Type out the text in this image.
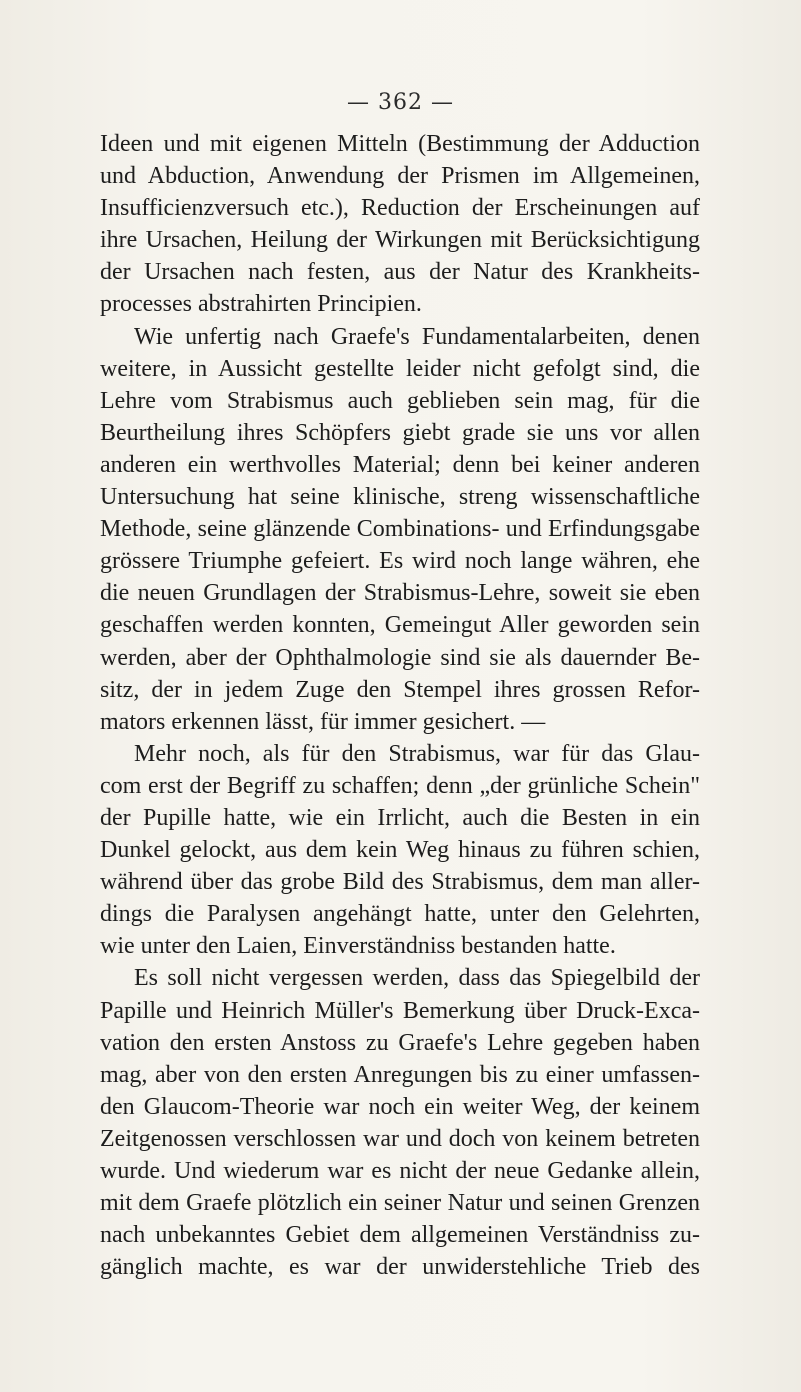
— 362 —
Ideen und mit eigenen Mitteln (Bestimmung der Adduction
und Abduction, Anwendung der Prismen im Allgemeinen,
Insufficienzversuch etc.), Reduction der Erscheinungen auf
ihre Ursachen, Heilung der Wirkungen mit Berücksichtigung
der Ursachen nach festen, aus der Natur des Krankheits-
processes abstrahirten Principien.
Wie unfertig nach Graefe's Fundamentalarbeiten, denen
weitere, in Aussicht gestellte leider nicht gefolgt sind, die
Lehre vom Strabismus auch geblieben sein mag, für die
Beurtheilung ihres Schöpfers giebt grade sie uns vor allen
anderen ein werthvolles Material; denn bei keiner anderen
Untersuchung hat seine klinische, streng wissenschaftliche
Methode, seine glänzende Combinations- und Erfindungsgabe
grössere Triumphe gefeiert. Es wird noch lange währen, ehe
die neuen Grundlagen der Strabismus-Lehre, soweit sie eben
geschaffen werden konnten, Gemeingut Aller geworden sein
werden, aber der Ophthalmologie sind sie als dauernder Be-
sitz, der in jedem Zuge den Stempel ihres grossen Refor-
mators erkennen lässt, für immer gesichert. —
Mehr noch, als für den Strabismus, war für das Glau-
com erst der Begriff zu schaffen; denn „der grünliche Schein"
der Pupille hatte, wie ein Irrlicht, auch die Besten in ein
Dunkel gelockt, aus dem kein Weg hinaus zu führen schien,
während über das grobe Bild des Strabismus, dem man aller-
dings die Paralysen angehängt hatte, unter den Gelehrten,
wie unter den Laien, Einverständniss bestanden hatte.
Es soll nicht vergessen werden, dass das Spiegelbild der
Papille und Heinrich Müller's Bemerkung über Druck-Exca-
vation den ersten Anstoss zu Graefe's Lehre gegeben haben
mag, aber von den ersten Anregungen bis zu einer umfassen-
den Glaucom-Theorie war noch ein weiter Weg, der keinem
Zeitgenossen verschlossen war und doch von keinem betreten
wurde. Und wiederum war es nicht der neue Gedanke allein,
mit dem Graefe plötzlich ein seiner Natur und seinen Grenzen
nach unbekanntes Gebiet dem allgemeinen Verständniss zu-
gänglich machte, es war der unwiderstehliche Trieb des
